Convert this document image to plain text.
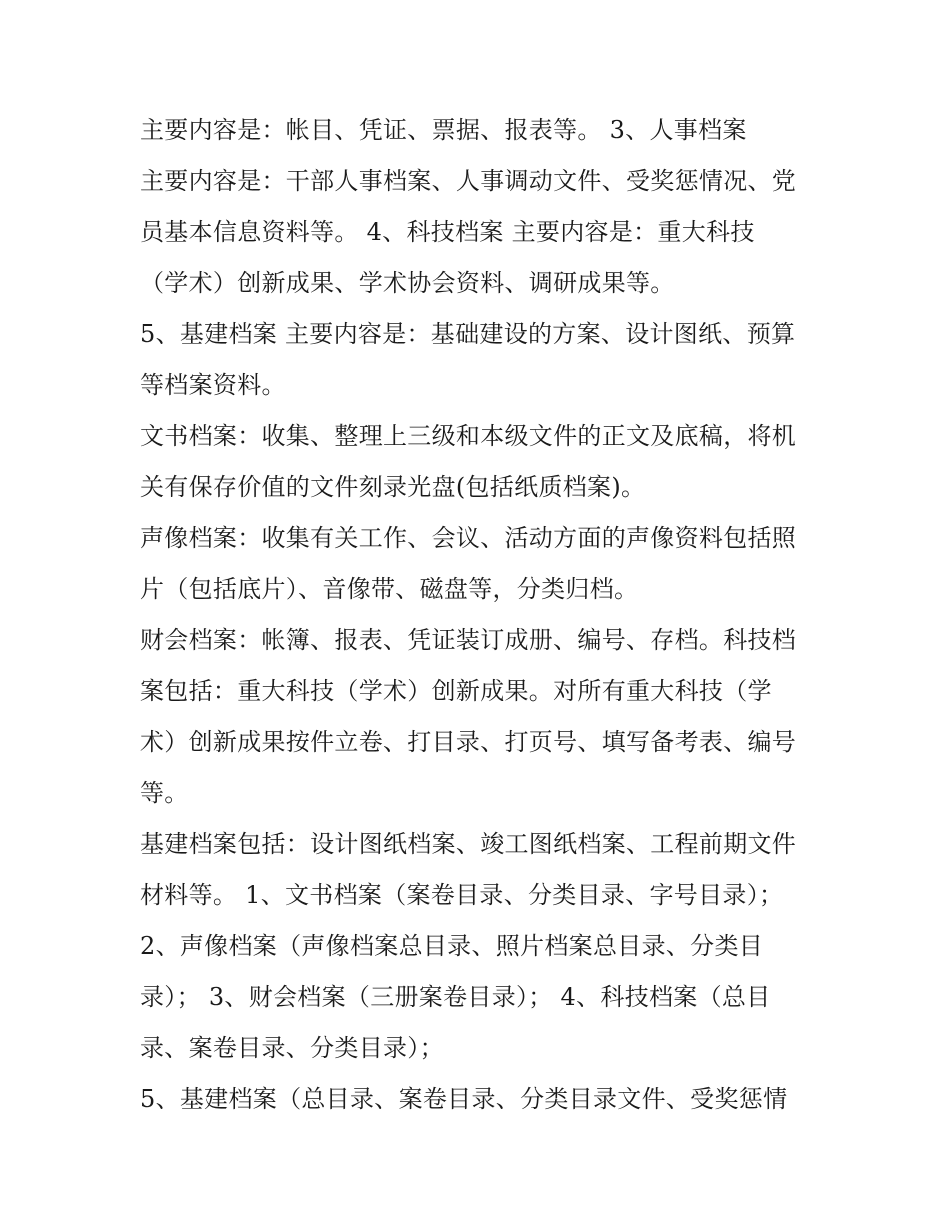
主要内容是：帐目、凭证、票据、报表等。 3、人事档案
主要内容是：干部人事档案、人事调动文件、受奖惩情况、党
员基本信息资料等。 4、科技档案 主要内容是：重大科技
（学术）创新成果、学术协会资料、调研成果等。
5、基建档案 主要内容是：基础建设的方案、设计图纸、预算
等档案资料。
文书档案：收集、整理上三级和本级文件的正文及底稿，将机
关有保存价值的文件刻录光盘(包括纸质档案)。
声像档案：收集有关工作、会议、活动方面的声像资料包括照
片（包括底片）、音像带、磁盘等，分类归档。
财会档案：帐簿、报表、凭证装订成册、编号、存档。科技档
案包括：重大科技（学术）创新成果。对所有重大科技（学
术）创新成果按件立卷、打目录、打页号、填写备考表、编号
等。
基建档案包括：设计图纸档案、竣工图纸档案、工程前期文件
材料等。 1、文书档案（案卷目录、分类目录、字号目录）；
2、声像档案（声像档案总目录、照片档案总目录、分类目
录）； 3、财会档案（三册案卷目录）； 4、科技档案（总目
录、案卷目录、分类目录）；
5、基建档案（总目录、案卷目录、分类目录文件、受奖惩情
